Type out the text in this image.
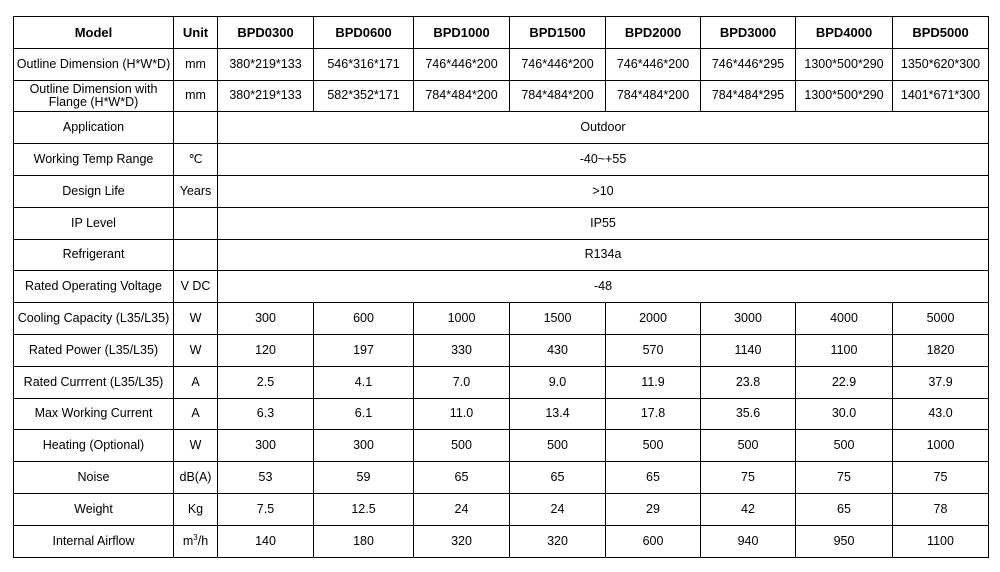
Model	Unit	BPD0300	BPD0600	BPD1000	BPD1500	BPD2000	BPD3000	BPD4000	BPD5000
Outline Dimension (H*W*D)	mm	380*219*133	546*316*171	746*446*200	746*446*200	746*446*200	746*446*295	1300*500*290	1350*620*300
Outline Dimension with Flange (H*W*D)	mm	380*219*133	582*352*171	784*484*200	784*484*200	784*484*200	784*484*295	1300*500*290	1401*671*300
Application		Outdoor							
Working Temp Range	℃	-40~+55							
Design Life	Years	>10							
IP Level		IP55							
Refrigerant		R134a							
Rated Operating Voltage	V DC	-48							
Cooling Capacity (L35/L35)	W	300	600	1000	1500	2000	3000	4000	5000
Rated Power (L35/L35)	W	120	197	330	430	570	1140	1100	1820
Rated Currrent (L35/L35)	A	2.5	4.1	7.0	9.0	11.9	23.8	22.9	37.9
Max Working Current	A	6.3	6.1	11.0	13.4	17.8	35.6	30.0	43.0
Heating (Optional)	W	300	300	500	500	500	500	500	1000
Noise	dB(A)	53	59	65	65	65	75	75	75
Weight	Kg	7.5	12.5	24	24	29	42	65	78
Internal Airflow	$m^3/h$	140	180	320	320	600	940	950	1100
